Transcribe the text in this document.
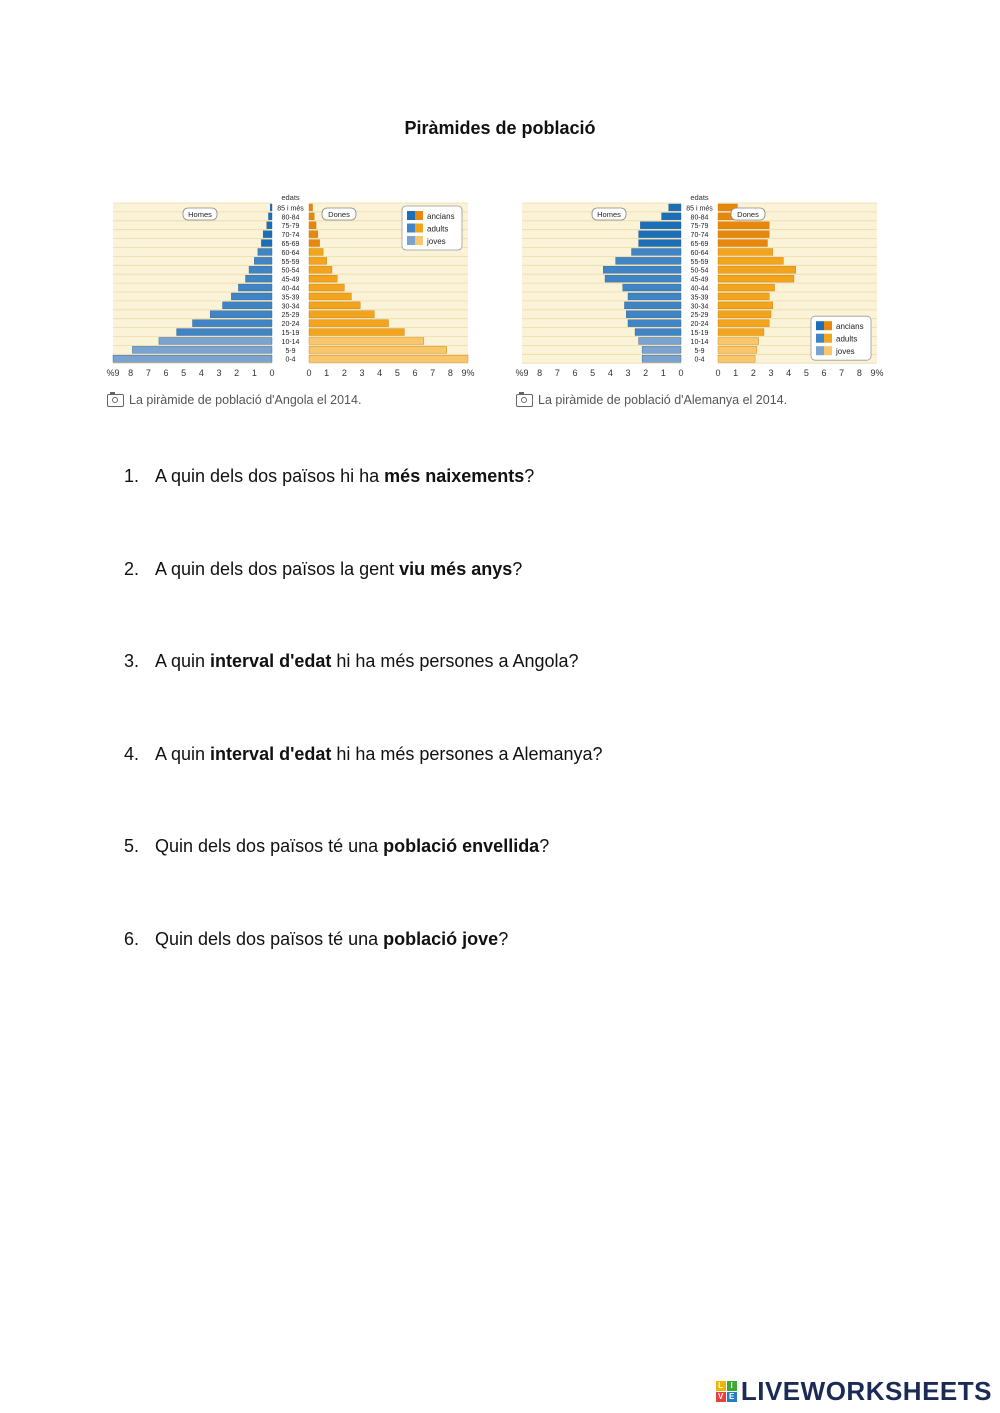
Piràmides de població
edats
85 i més
80-84
75-79
70-74
65-69
60-64
55-59
50-54
45-49
40-44
35-39
30-34
25-29
20-24
15-19
10-14
5-9
0-4
%9 8 7 6 5 4 3 2 1 0	0 1 2 3 4 5 6 7 8 9%
Homes	Dones	ancians
adults
joves
La piràmide de població d'Angola el 2014.
edats
85 i més
80-84
75-79
70-74
65-69
60-64
55-59
50-54
45-49
40-44
35-39
30-34
25-29
20-24
15-19
10-14
5-9
0-4
%9 8 7 6 5 4 3 2 1 0	0 1 2 3 4 5 6 7 8 9%
Homes	Dones
ancians
adults
joves
La piràmide de població d'Alemanya el 2014.
1. A quin dels dos països hi ha més naixements?
2. A quin dels dos països la gent viu més anys?
3. A quin interval d'edat hi ha més persones a Angola?
4. A quin interval d'edat hi ha més persones a Alemanya?
5. Quin dels dos països té una població envellida?
6. Quin dels dos països té una població jove?
L I
V E LIVEWORKSHEETS
